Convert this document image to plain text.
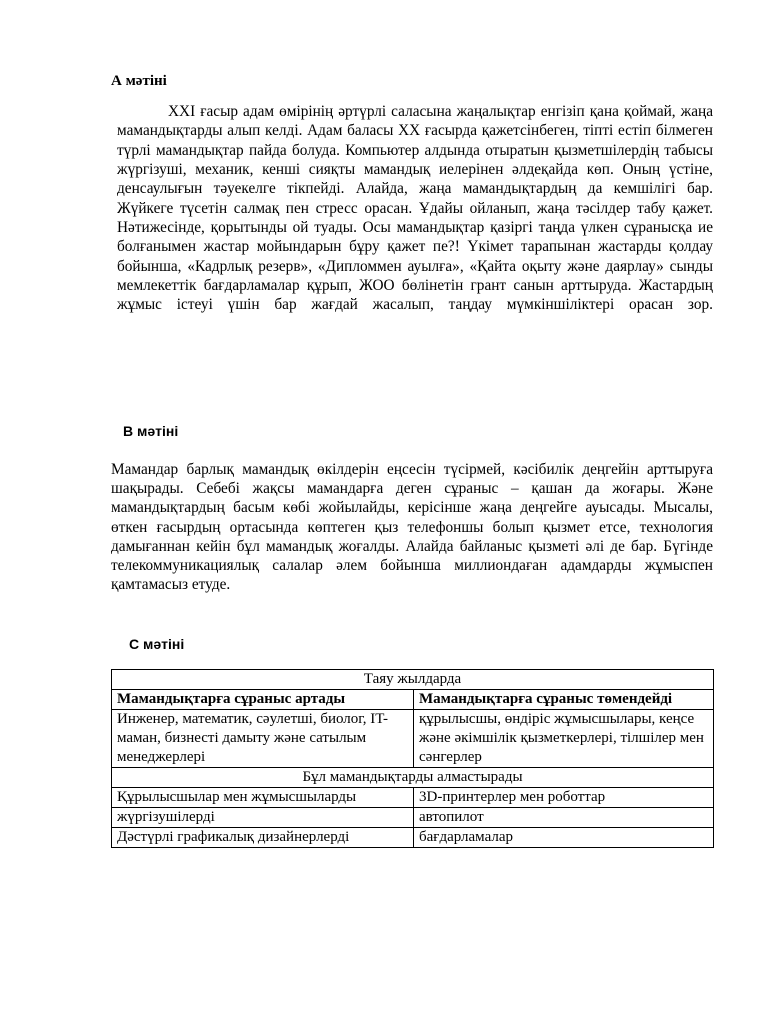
А мәтіні

XXI ғасыр адам өмірінің әртүрлі саласына жаңалықтар енгізіп қана қоймай, жаңа мамандықтарды алып келді. Адам баласы ХХ ғасырда қажетсінбеген, тіпті естіп білмеген түрлі мамандықтар пайда болуда. Компьютер алдында отыратын қызметшілердің табысы жүргізуші, механик, кенші сияқты мамандық иелерінен әлдеқайда көп. Оның үстіне, денсаулығын тәуекелге тікпейді. Алайда, жаңа мамандықтардың да кемшілігі бар. Жүйкеге түсетін салмақ пен стресс орасан. Ұдайы ойланып, жаңа тәсілдер табу қажет. Нәтижесінде, қорытынды ой туады. Осы мамандықтар қазіргі таңда үлкен сұранысқа ие болғанымен жастар мойындарын бұру қажет пе?! Үкімет тарапынан жастарды қолдау бойынша, «Кадрлық резерв», «Дипломмен ауылға», «Қайта оқыту және даярлау» сынды мемлекеттік бағдарламалар құрып, ЖОО бөлінетін грант санын арттыруда. Жастардың жұмыс істеуі үшін бар жағдай жасалып, таңдау мүмкіншіліктері орасан зор.

В мәтіні

Мамандар барлық мамандық өкілдерін еңсесін түсірмей, кәсібилік деңгейін арттыруға шақырады. Себебі жақсы мамандарға деген сұраныс – қашан да жоғары. Және мамандықтардың басым көбі жойылайды, керісінше жаңа деңгейге ауысады. Мысалы, өткен ғасырдың ортасында көптеген қыз телефоншы болып қызмет етсе, технология дамығаннан кейін бұл мамандық жоғалды. Алайда байланыс қызметі әлі де бар. Бүгінде телекоммуникациялық салалар әлем бойынша миллиондаған адамдарды жұмыспен қамтамасыз етуде.

С мәтіні
Таяу жылдарда	
Мамандықтарға сұраныс артады	Мамандықтарға сұраныс төмендейді
Инженер, математик, сәулетші, биолог, IT-маман, бизнесті дамыту және сатылым менеджерлері	құрылысшы, өндіріс жұмысшылары, кеңсе және әкімшілік қызметкерлері, тілшілер мен сәнгерлер
Бұл мамандықтарды алмастырады	
Құрылысшылар мен жұмысшыларды	3D-принтерлер мен роботтар
жүргізушілерді	автопилот
Дәстүрлі графикалық дизайнерлерді	бағдарламалар
